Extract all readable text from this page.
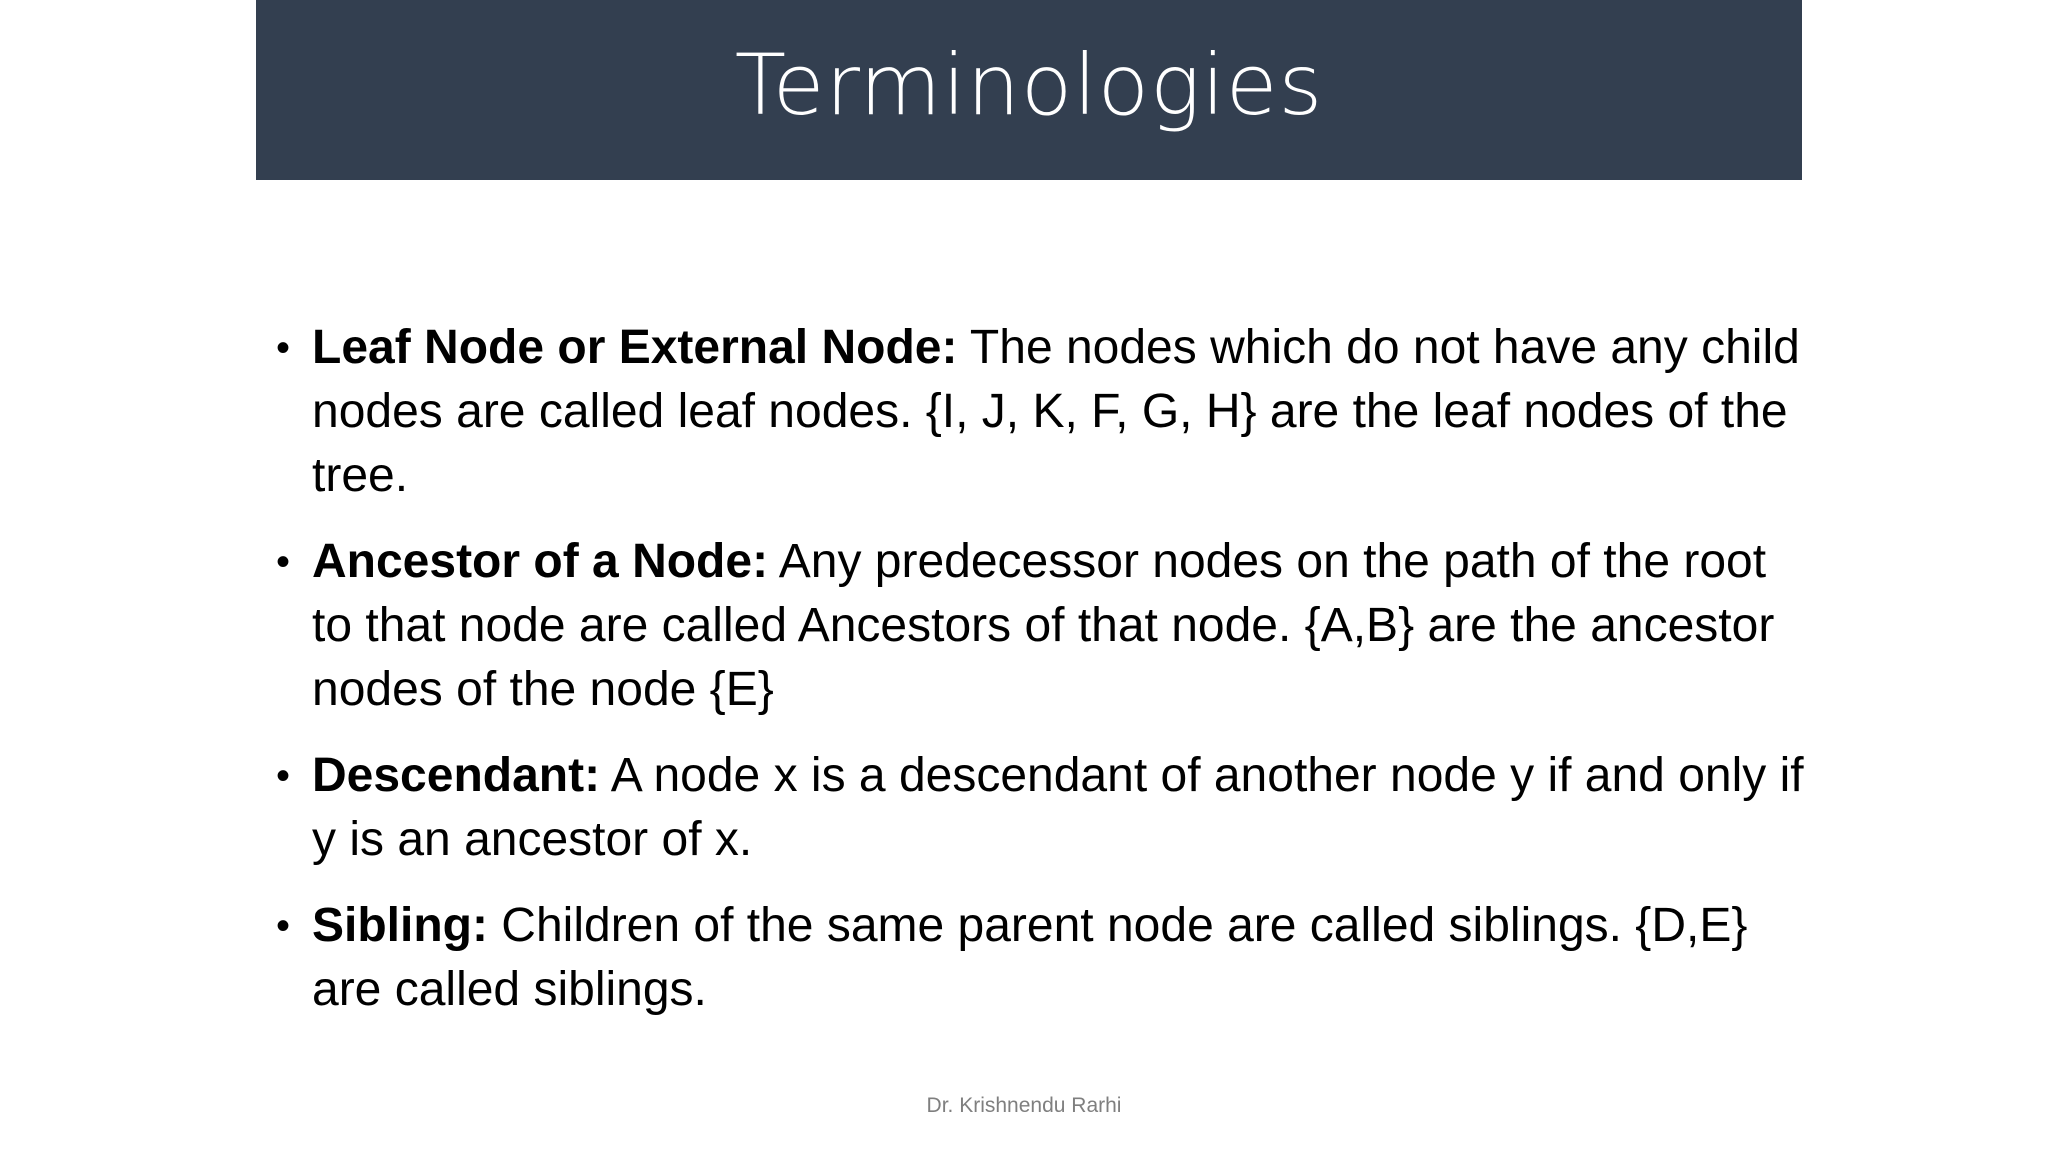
Terminologies
• Leaf Node or External Node: The nodes which do not have any child nodes are called leaf nodes. {I, J, K, F, G, H} are the leaf nodes of the tree.
• Ancestor of a Node: Any predecessor nodes on the path of the root to that node are called Ancestors of that node. {A,B} are the ancestor nodes of the node {E}
• Descendant: A node x is a descendant of another node y if and only if y is an ancestor of x.
• Sibling: Children of the same parent node are called siblings. {D,E} are called siblings.
Dr. Krishnendu Rarhi
